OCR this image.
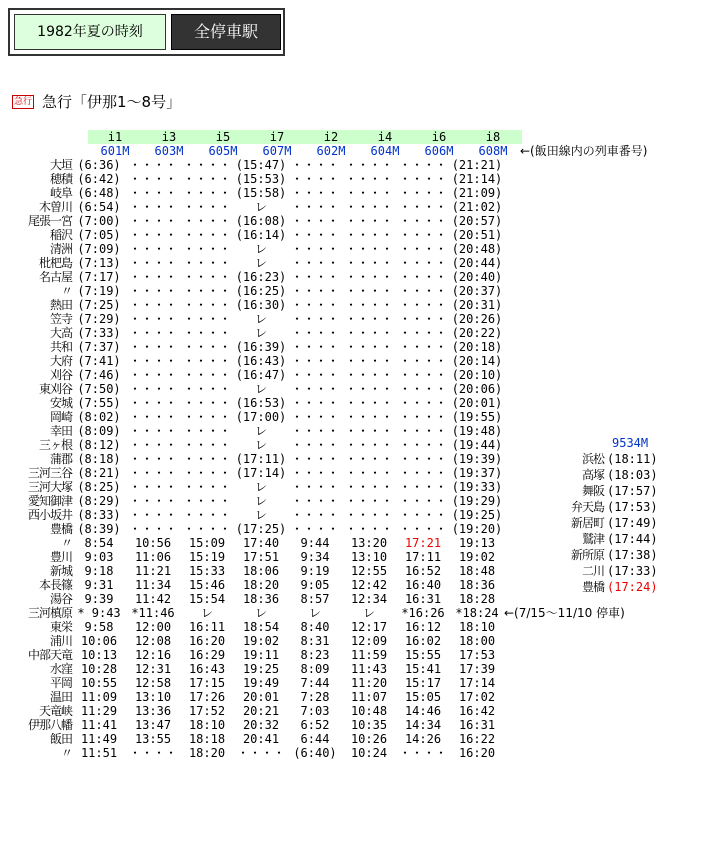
1982年夏の時刻	全停車駅
急行 急行「伊那1〜8号」
i1	i3	i5	i7	i2	i4	i6	i8
601M 603M 605M 607M 602M 604M 606M 608M ←(飯田線内の列車番号)
大垣 (6:36) ・・・・ ・・・・ (15:47) ・・・・ ・・・・ ・・・・ (21:21)
穂積 (6:42) ・・・・ ・・・・ (15:53) ・・・・ ・・・・ ・・・・ (21:14)
岐阜 (6:48) ・・・・ ・・・・ (15:58) ・・・・ ・・・・ ・・・・ (21:09)
木曽川 (6:54) ・・・・ ・・・・ レ ・・・・ ・・・・ ・・・・ (21:02)
尾張一宮 (7:00) ・・・・ ・・・・ (16:08) ・・・・ ・・・・ ・・・・ (20:57)
稲沢 (7:05) ・・・・ ・・・・ (16:14) ・・・・ ・・・・ ・・・・ (20:51)
清洲 (7:09) ・・・・ ・・・・ レ ・・・・ ・・・・ ・・・・ (20:48)
枇杷島 (7:13) ・・・・ ・・・・ レ ・・・・ ・・・・ ・・・・ (20:44)
名古屋 (7:17) ・・・・ ・・・・ (16:23) ・・・・ ・・・・ ・・・・ (20:40)
〃 (7:19) ・・・・ ・・・・ (16:25) ・・・・ ・・・・ ・・・・ (20:37)
熱田 (7:25) ・・・・ ・・・・ (16:30) ・・・・ ・・・・ ・・・・ (20:31)
笠寺 (7:29) ・・・・ ・・・・ レ ・・・・ ・・・・ ・・・・ (20:26)
大高 (7:33) ・・・・ ・・・・ レ ・・・・ ・・・・ ・・・・ (20:22)
共和 (7:37) ・・・・ ・・・・ (16:39) ・・・・ ・・・・ ・・・・ (20:18)
大府 (7:41) ・・・・ ・・・・ (16:43) ・・・・ ・・・・ ・・・・ (20:14)
刈谷 (7:46) ・・・・ ・・・・ (16:47) ・・・・ ・・・・ ・・・・ (20:10)
東刈谷 (7:50) ・・・・ ・・・・ レ ・・・・ ・・・・ ・・・・ (20:06)
安城 (7:55) ・・・・ ・・・・ (16:53) ・・・・ ・・・・ ・・・・ (20:01)
岡崎 (8:02) ・・・・ ・・・・ (17:00) ・・・・ ・・・・ ・・・・ (19:55)
幸田 (8:09) ・・・・ ・・・・ レ ・・・・ ・・・・ ・・・・ (19:48)
三ヶ根 (8:12) ・・・・ ・・・・ レ ・・・・ ・・・・ ・・・・ (19:44)
蒲郡 (8:18) ・・・・ ・・・・ (17:11) ・・・・ ・・・・ ・・・・ (19:39)
三河三谷 (8:21) ・・・・ ・・・・ (17:14) ・・・・ ・・・・ ・・・・ (19:37)
三河大塚 (8:25) ・・・・ ・・・・ レ ・・・・ ・・・・ ・・・・ (19:33)
愛知御津 (8:29) ・・・・ ・・・・ レ ・・・・ ・・・・ ・・・・ (19:29)
西小坂井 (8:33) ・・・・ ・・・・ レ ・・・・ ・・・・ ・・・・ (19:25)
豊橋 (8:39) ・・・・ ・・・・ (17:25) ・・・・ ・・・・ ・・・・ (19:20)
〃 8:54 10:56 15:09 17:40 9:44 13:20 17:21 19:13
豊川 9:03 11:06 15:19 17:51 9:34 13:10 17:11 19:02
新城 9:18 11:21 15:33 18:06 9:19 12:55 16:52 18:48
本長篠 9:31 11:34 15:46 18:20 9:05 12:42 16:40 18:36
湯谷 9:39 11:42 15:54 18:36 8:57 12:34 16:31 18:28
三河槙原 * 9:43 *11:46 レ	レ	レ	レ *16:26 *18:24 ←(7/15〜11/10 停車)
東栄 9:58 12:00 16:11 18:54 8:40 12:17 16:12 18:10
浦川 10:06 12:08 16:20 19:02 8:31 12:09 16:02 18:00
中部天竜 10:13 12:16 16:29 19:11 8:23 11:59 15:55 17:53
水窪 10:28 12:31 16:43 19:25 8:09 11:43 15:41 17:39
平岡 10:55 12:58 17:15 19:49 7:44 11:20 15:17 17:14
温田 11:09 13:10 17:26 20:01 7:28 11:07 15:05 17:02
天竜峡 11:29 13:36 17:52 20:21 7:03 10:48 14:46 16:42
伊那八幡 11:41 13:47 18:10 20:32 6:52 10:35 14:34 16:31
飯田 11:49 13:55 18:18 20:41 6:44 10:26 14:26 16:22
〃 11:51 ・・・・ 18:20 ・・・・ (6:40) 10:24 ・・・・ 16:20
9534M
浜松 (18:11)
高塚 (18:03)
舞阪 (17:57)
弁天島 (17:53)
新居町 (17:49)
鷲津 (17:44)
新所原 (17:38)
二川 (17:33)
豊橋 (17:24)
